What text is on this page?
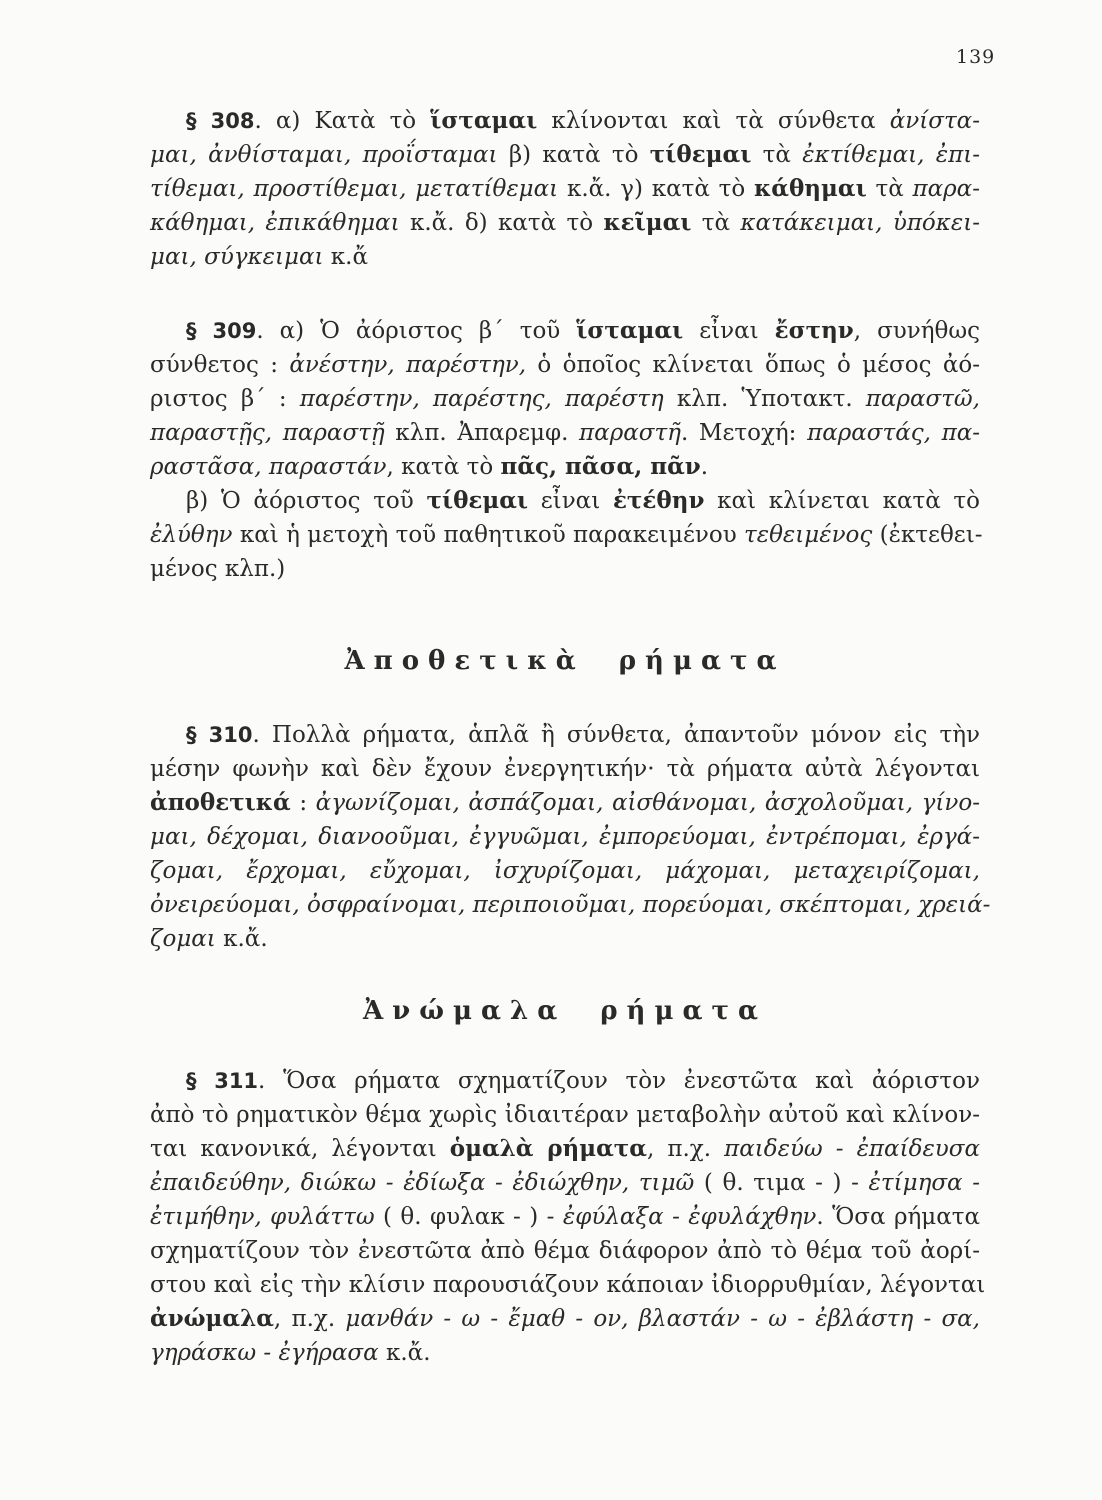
139
§ 308. α) Κατὰ τὸ ἵσταμαι κλίνονται καὶ τὰ σύνθετα ἀνίστα-
μαι, ἀνθίσταμαι, προΐσταμαι β) κατὰ τὸ τίθεμαι τὰ ἐκτίθεμαι, ἐπι-
τίθεμαι, προστίθεμαι, μετατίθεμαι κ.ἄ. γ) κατὰ τὸ κάθημαι τὰ παρα-
κάθημαι, ἐπικάθημαι κ.ἄ. δ) κατὰ τὸ κεῖμαι τὰ κατάκειμαι, ὑπόκει-
μαι, σύγκειμαι κ.ἄ
§ 309. α) Ὁ ἀόριστος β΄ τοῦ ἵσταμαι εἶναι ἔστην, συνήθως
σύνθετος : ἀνέστην, παρέστην, ὁ ὁποῖος κλίνεται ὅπως ὁ μέσος ἀό-
ριστος β΄ : παρέστην, παρέστης, παρέστη κλπ. Ὑποτακτ. παραστῶ,
παραστῇς, παραστῇ κλπ. Ἀπαρεμφ. παραστῆ. Μετοχή: παραστάς, πα-
ραστᾶσα, παραστάν, κατὰ τὸ πᾶς, πᾶσα, πᾶν.
β) Ὁ ἀόριστος τοῦ τίθεμαι εἶναι ἐτέθην καὶ κλίνεται κατὰ τὸ
ἐλύθην καὶ ἡ μετοχὴ τοῦ παθητικοῦ παρακειμένου τεθειμένος (ἐκτεθει-
μένος κλπ.)
Ἀποθετικὰ ρήματα
§ 310. Πολλὰ ρήματα, ἁπλᾶ ἢ σύνθετα, ἀπαντοῦν μόνον εἰς τὴν
μέσην φωνὴν καὶ δὲν ἔχουν ἐνεργητικήν· τὰ ρήματα αὐτὰ λέγονται
ἀποθετικά : ἀγωνίζομαι, ἀσπάζομαι, αἰσθάνομαι, ἀσχολοῦμαι, γίνο-
μαι, δέχομαι, διανοοῦμαι, ἐγγυῶμαι, ἐμπορεύομαι, ἐντρέπομαι, ἐργά-
ζομαι, ἔρχομαι, εὔχομαι, ἰσχυρίζομαι, μάχομαι, μεταχειρίζομαι,
ὀνειρεύομαι, ὀσφραίνομαι, περιποιοῦμαι, πορεύομαι, σκέπτομαι, χρειά-
ζομαι κ.ἄ.
Ἀνώμαλα ρήματα
§ 311. Ὅσα ρήματα σχηματίζουν τὸν ἐνεστῶτα καὶ ἀόριστον
ἀπὸ τὸ ρηματικὸν θέμα χωρὶς ἰδιαιτέραν μεταβολὴν αὐτοῦ καὶ κλίνον-
ται κανονικά, λέγονται ὁμαλὰ ρήματα, π.χ. παιδεύω - ἐπαίδευσα
ἐπαιδεύθην, διώκω - ἐδίωξα - ἐδιώχθην, τιμῶ ( θ. τιμα - ) - ἐτίμησα -
ἐτιμήθην, φυλάττω ( θ. φυλακ - ) - ἐφύλαξα - ἐφυλάχθην. Ὅσα ρήματα
σχηματίζουν τὸν ἐνεστῶτα ἀπὸ θέμα διάφορον ἀπὸ τὸ θέμα τοῦ ἀορί-
στου καὶ εἰς τὴν κλίσιν παρουσιάζουν κάποιαν ἰδιορρυθμίαν, λέγονται
ἀνώμαλα, π.χ. μανθάν - ω - ἔμαθ - ον, βλαστάν - ω - ἐβλάστη - σα,
γηράσκω - ἐγήρασα κ.ἄ.
